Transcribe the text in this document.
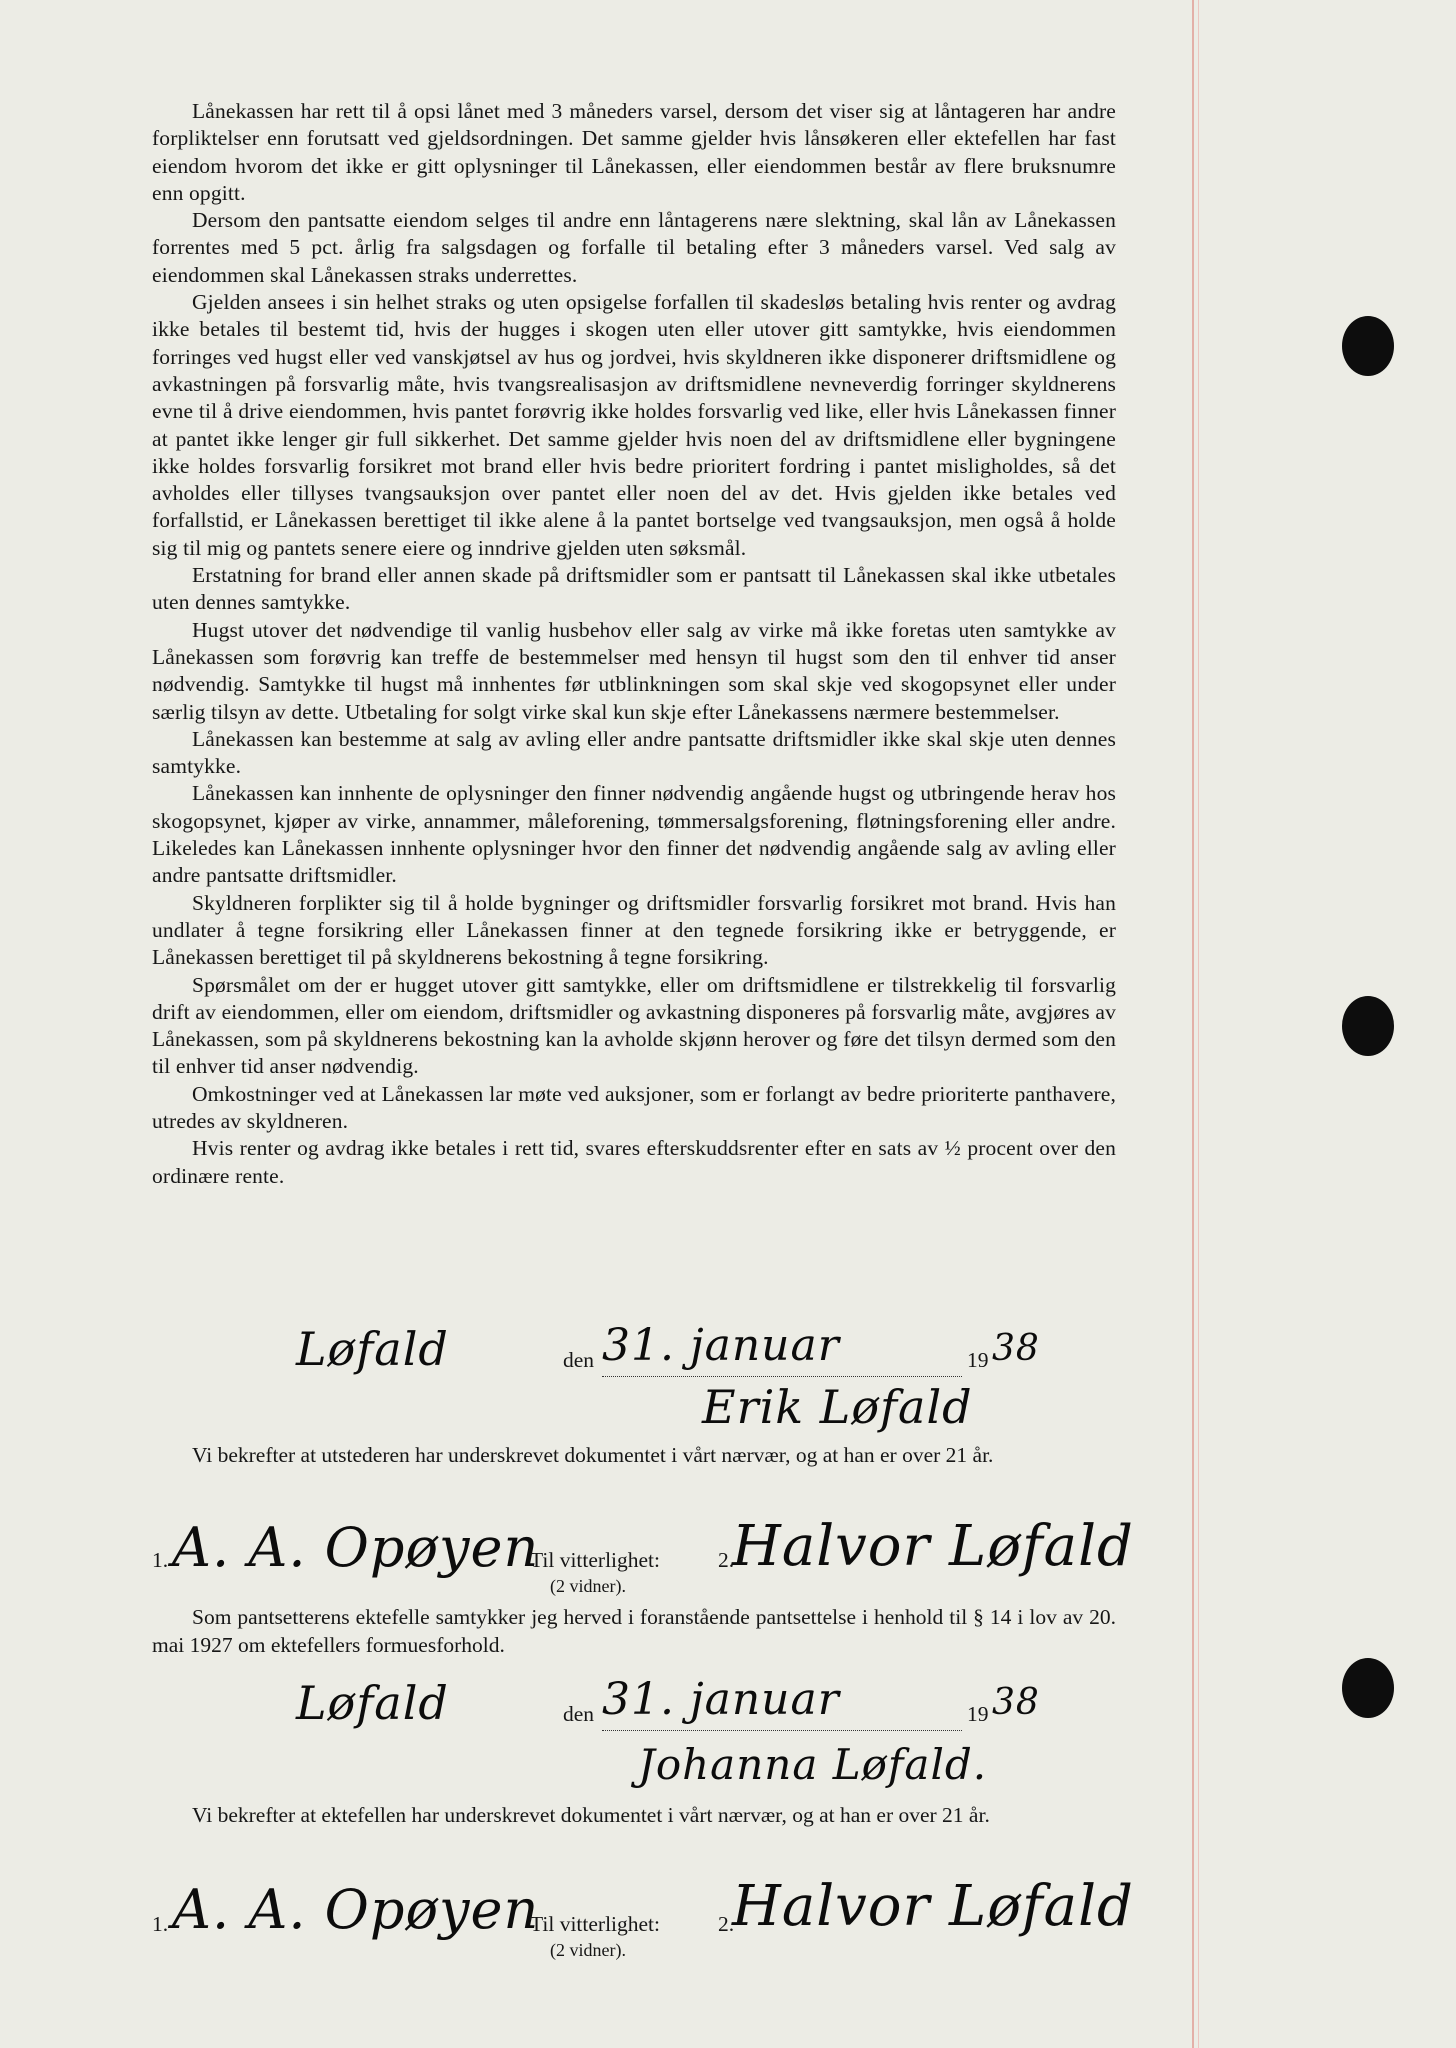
Lånekassen har rett til å opsi lånet med 3 måneders varsel, dersom det viser sig at låntageren har andre forpliktelser enn forutsatt ved gjeldsordningen. Det samme gjelder hvis lånsøkeren eller ektefellen har fast eiendom hvorom det ikke er gitt oplysninger til Lånekassen, eller eiendommen består av flere bruksnumre enn opgitt.

Dersom den pantsatte eiendom selges til andre enn låntagerens nære slektning, skal lån av Lånekassen forrentes med 5 pct. årlig fra salgsdagen og forfalle til betaling efter 3 måneders varsel. Ved salg av eiendommen skal Lånekassen straks underrettes.

Gjelden ansees i sin helhet straks og uten opsigelse forfallen til skadesløs betaling hvis renter og avdrag ikke betales til bestemt tid, hvis der hugges i skogen uten eller utover gitt samtykke, hvis eiendommen forringes ved hugst eller ved vanskjøtsel av hus og jordvei, hvis skyldneren ikke disponerer driftsmidlene og avkastningen på forsvarlig måte, hvis tvangsrealisasjon av driftsmidlene nevneverdig forringer skyldnerens evne til å drive eiendommen, hvis pantet forøvrig ikke holdes forsvarlig ved like, eller hvis Lånekassen finner at pantet ikke lenger gir full sikkerhet. Det samme gjelder hvis noen del av driftsmidlene eller bygningene ikke holdes forsvarlig forsikret mot brand eller hvis bedre prioritert fordring i pantet misligholdes, så det avholdes eller tillyses tvangsauksjon over pantet eller noen del av det. Hvis gjelden ikke betales ved forfallstid, er Lånekassen berettiget til ikke alene å la pantet bortselge ved tvangsauksjon, men også å holde sig til mig og pantets senere eiere og inndrive gjelden uten søksmål.

Erstatning for brand eller annen skade på driftsmidler som er pantsatt til Lånekassen skal ikke utbetales uten dennes samtykke.

Hugst utover det nødvendige til vanlig husbehov eller salg av virke må ikke foretas uten samtykke av Lånekassen som forøvrig kan treffe de bestemmelser med hensyn til hugst som den til enhver tid anser nødvendig. Samtykke til hugst må innhentes før utblinkningen som skal skje ved skogopsynet eller under særlig tilsyn av dette. Utbetaling for solgt virke skal kun skje efter Lånekassens nærmere bestemmelser.

Lånekassen kan bestemme at salg av avling eller andre pantsatte driftsmidler ikke skal skje uten dennes samtykke.

Lånekassen kan innhente de oplysninger den finner nødvendig angående hugst og utbringende herav hos skogopsynet, kjøper av virke, annammer, måleforening, tømmersalgsforening, fløtningsforening eller andre. Likeledes kan Lånekassen innhente oplysninger hvor den finner det nødvendig angående salg av avling eller andre pantsatte driftsmidler.

Skyldneren forplikter sig til å holde bygninger og driftsmidler forsvarlig forsikret mot brand. Hvis han undlater å tegne forsikring eller Lånekassen finner at den tegnede forsikring ikke er betryggende, er Lånekassen berettiget til på skyldnerens bekostning å tegne forsikring.

Spørsmålet om der er hugget utover gitt samtykke, eller om driftsmidlene er tilstrekkelig til forsvarlig drift av eiendommen, eller om eiendom, driftsmidler og avkastning disponeres på forsvarlig måte, avgjøres av Lånekassen, som på skyldnerens bekostning kan la avholde skjønn herover og føre det tilsyn dermed som den til enhver tid anser nødvendig.

Omkostninger ved at Lånekassen lar møte ved auksjoner, som er forlangt av bedre prioriterte panthavere, utredes av skyldneren.

Hvis renter og avdrag ikke betales i rett tid, svares efterskuddsrenter efter en sats av ½ procent over den ordinære rente.

Løfald	den 31. januar	19 38
Erik Løfald

Vi bekrefter at utstederen har underskrevet dokumentet i vårt nærvær, og at han er over 21 år.

1. A. A. Opøyen
Til vitterlighet:	2.
Halvor Løfald
(2 vidner).

Som pantsetterens ektefelle samtykker jeg herved i foranstående pantsettelse i henhold til § 14 i lov av 20. mai 1927 om ektefellers formuesforhold.

Løfald	den 31. januar	19 38
Johanna Løfald.

Vi bekrefter at ektefellen har underskrevet dokumentet i vårt nærvær, og at han er over 21 år.

1. A. A. Opøyen
Til vitterlighet:	2.
Halvor Løfald
(2 vidner).
